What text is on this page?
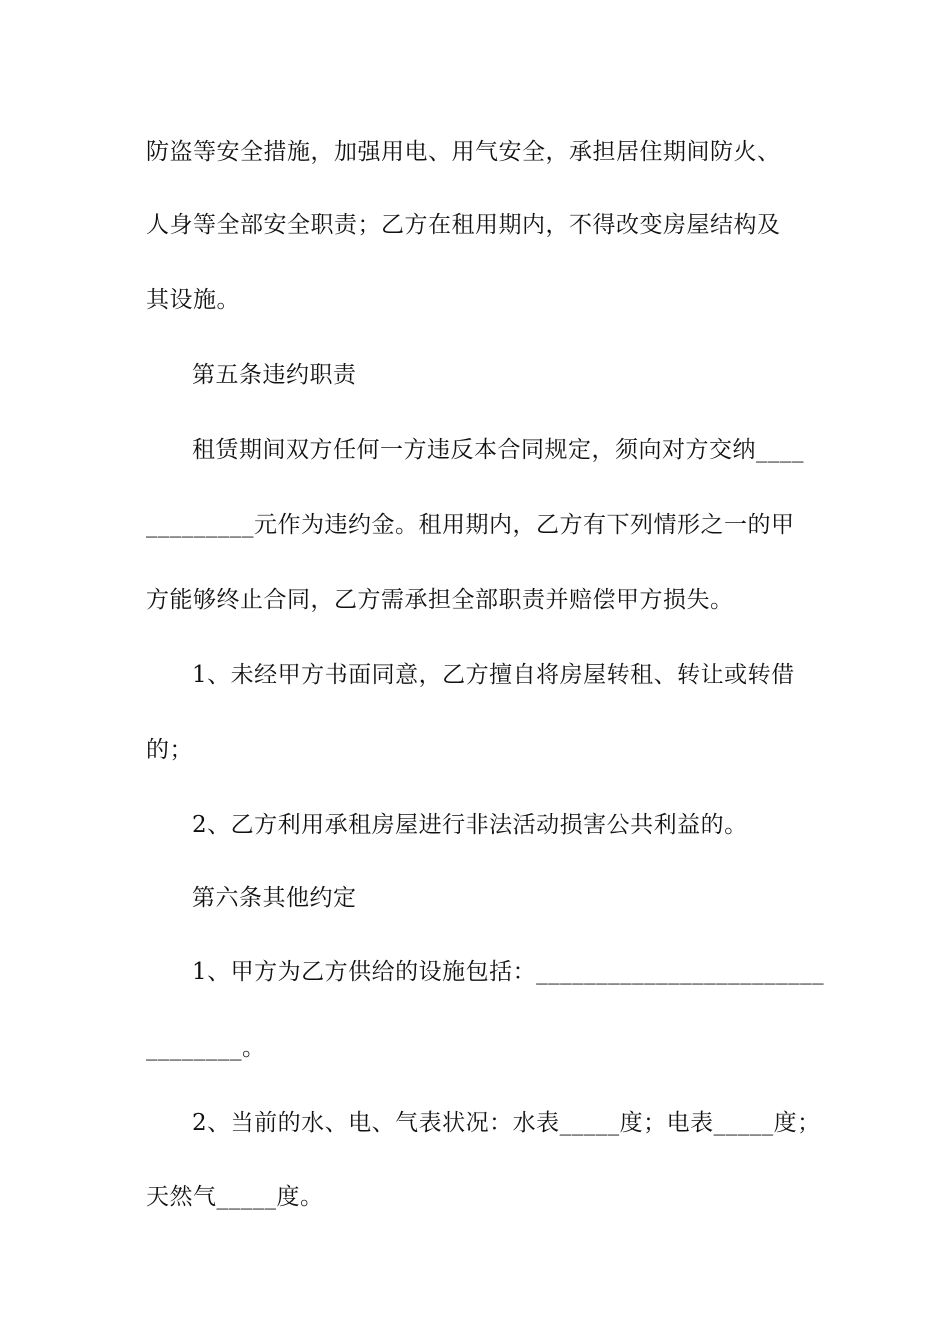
防盗等安全措施，加强用电、用气安全，承担居住期间防火、
人身等全部安全职责；乙方在租用期内，不得改变房屋结构及
其设施。
第五条违约职责
租赁期间双方任何一方违反本合同规定，须向对方交纳____
_________元作为违约金。租用期内，乙方有下列情形之一的甲
方能够终止合同，乙方需承担全部职责并赔偿甲方损失。
1、未经甲方书面同意，乙方擅自将房屋转租、转让或转借
的；
2、乙方利用承租房屋进行非法活动损害公共利益的。
第六条其他约定
1、甲方为乙方供给的设施包括：________________________
________。
2、当前的水、电、气表状况：水表_____度；电表_____度；
天然气_____度。
